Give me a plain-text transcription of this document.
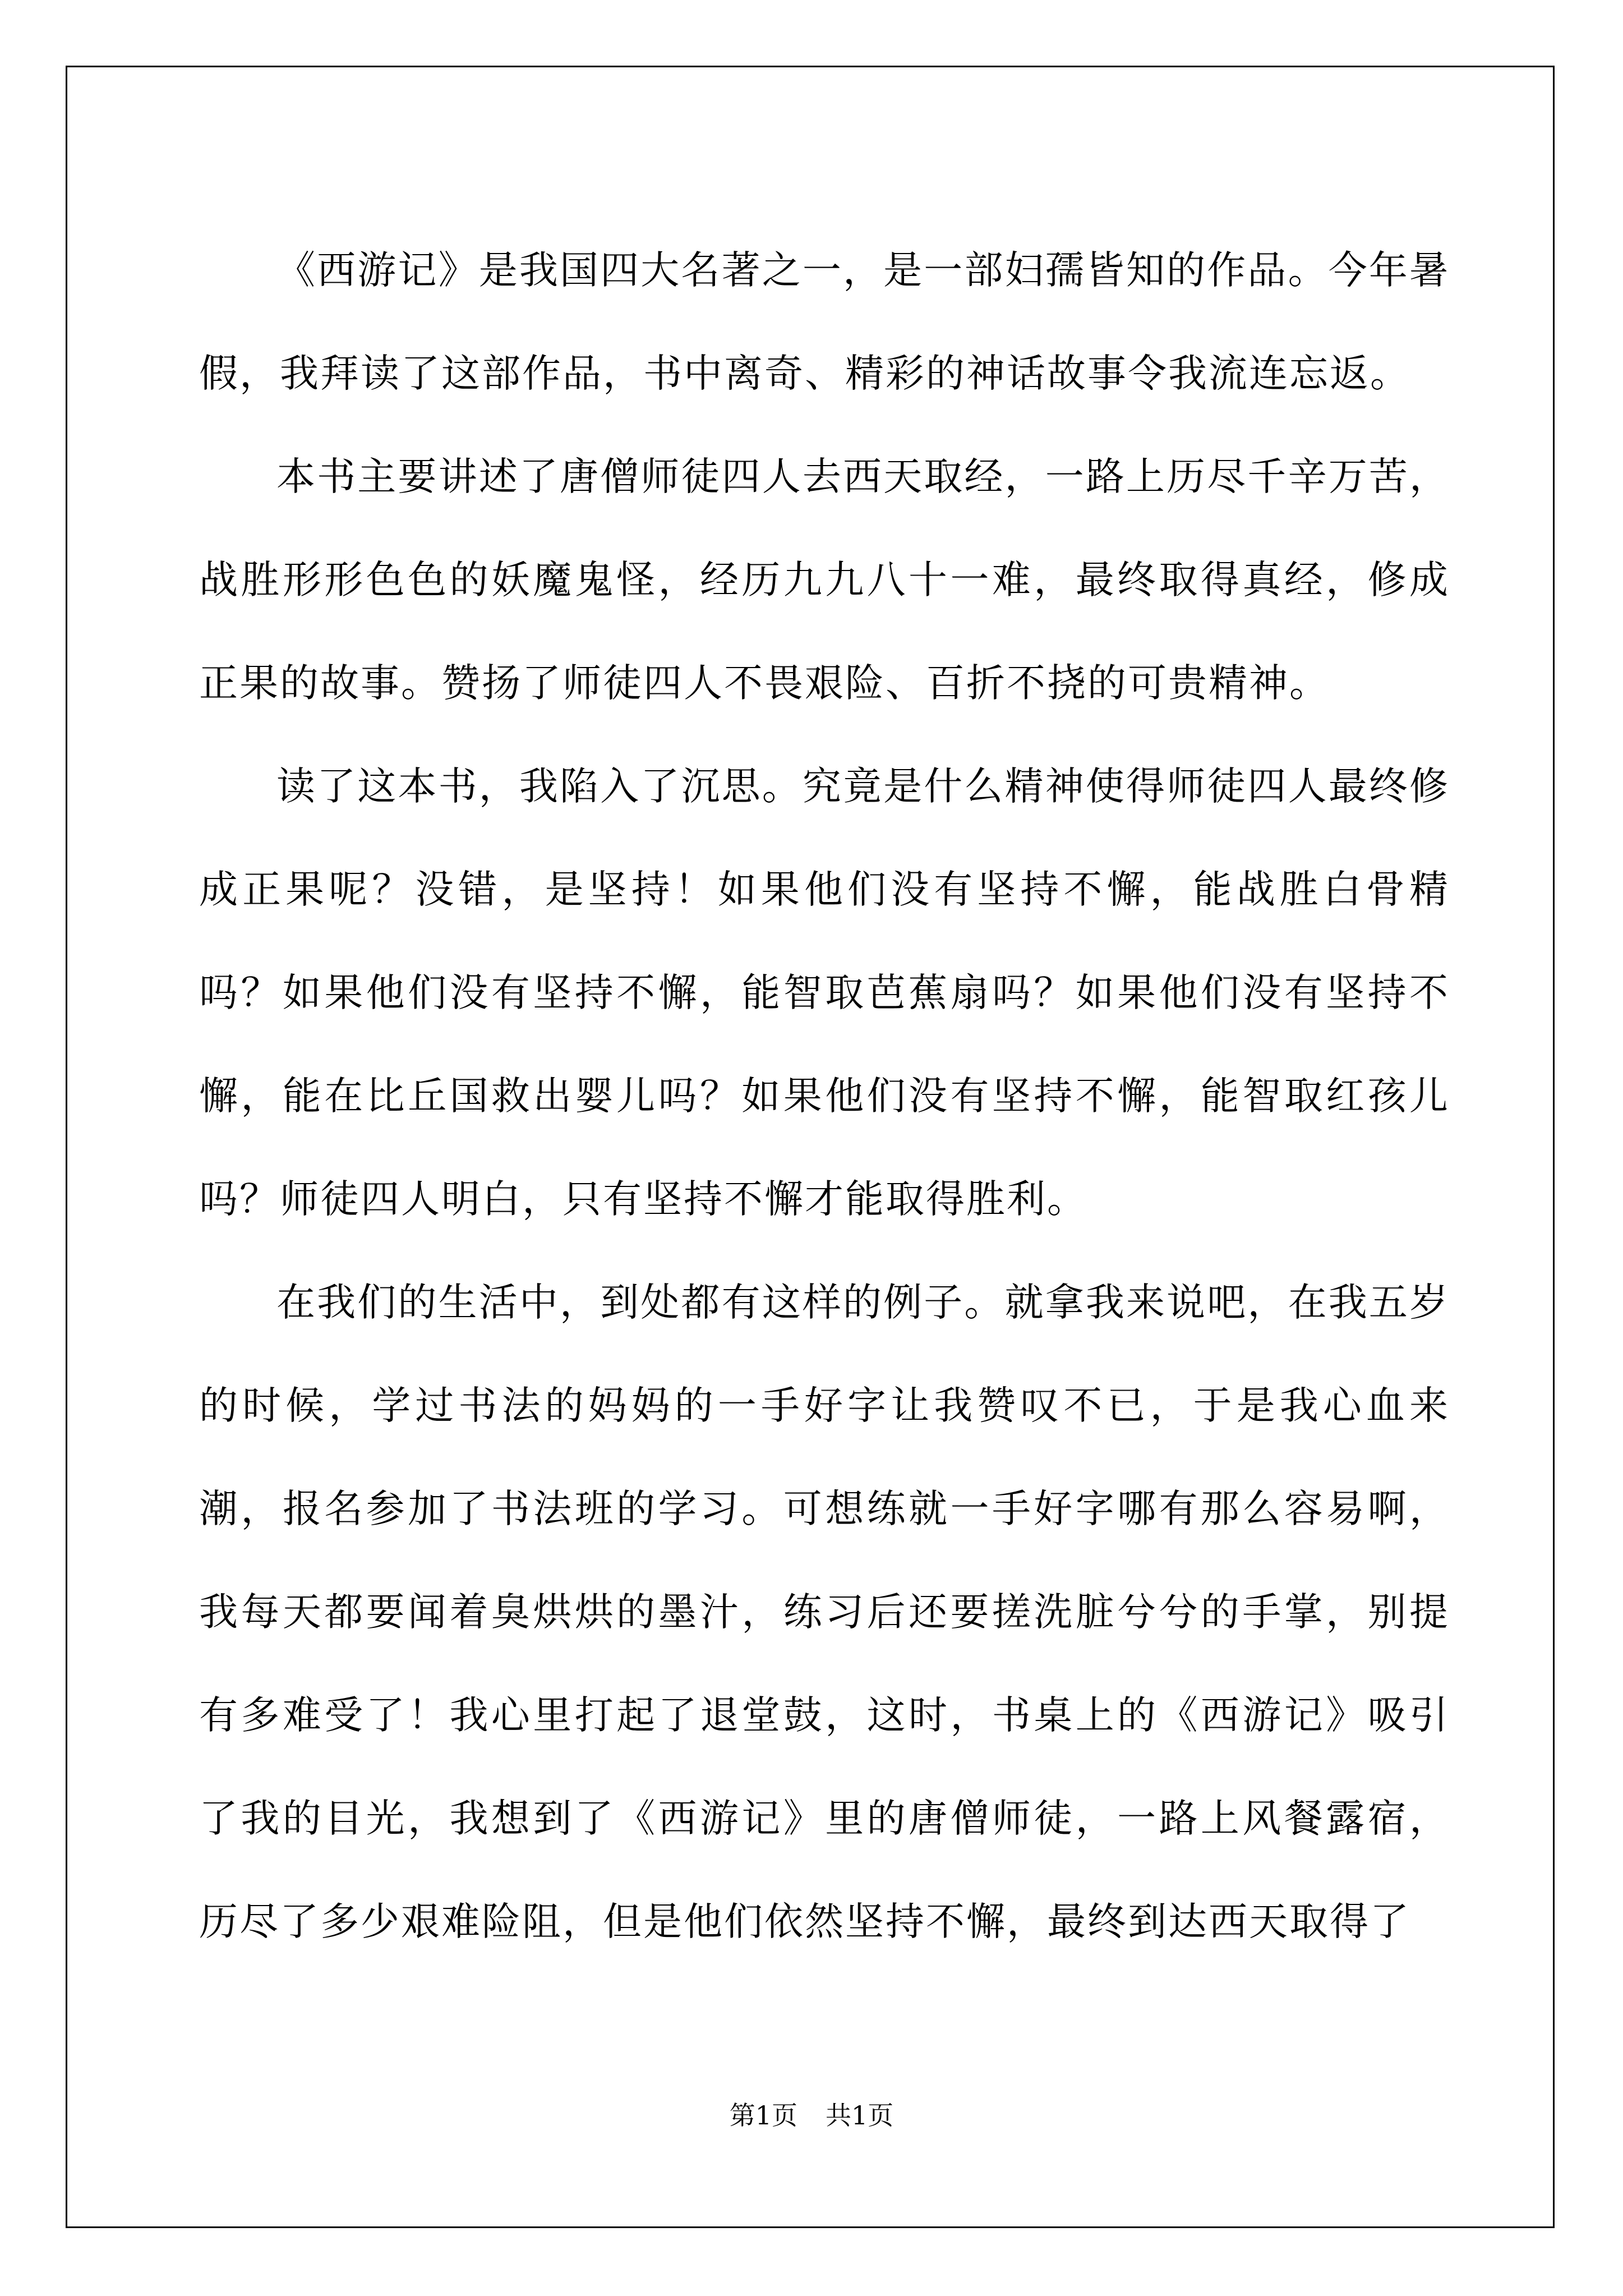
《西游记》是我国四大名著之一，是一部妇孺皆知的作品。今年暑假，我拜读了这部作品，书中离奇、精彩的神话故事令我流连忘返。

本书主要讲述了唐僧师徒四人去西天取经，一路上历尽千辛万苦，战胜形形色色的妖魔鬼怪，经历九九八十一难，最终取得真经，修成正果的故事。赞扬了师徒四人不畏艰险、百折不挠的可贵精神。

读了这本书，我陷入了沉思。究竟是什么精神使得师徒四人最终修成正果呢？没错，是坚持！如果他们没有坚持不懈，能战胜白骨精吗？如果他们没有坚持不懈，能智取芭蕉扇吗？如果他们没有坚持不懈，能在比丘国救出婴儿吗？如果他们没有坚持不懈，能智取红孩儿吗？师徒四人明白，只有坚持不懈才能取得胜利。

在我们的生活中，到处都有这样的例子。就拿我来说吧，在我五岁的时候，学过书法的妈妈的一手好字让我赞叹不已，于是我心血来潮，报名参加了书法班的学习。可想练就一手好字哪有那么容易啊，我每天都要闻着臭烘烘的墨汁，练习后还要搓洗脏兮兮的手掌，别提有多难受了！我心里打起了退堂鼓，这时，书桌上的《西游记》吸引了我的目光，我想到了《西游记》里的唐僧师徒，一路上风餐露宿，历尽了多少艰难险阻，但是他们依然坚持不懈，最终到达西天取得了

第1页 共1页
